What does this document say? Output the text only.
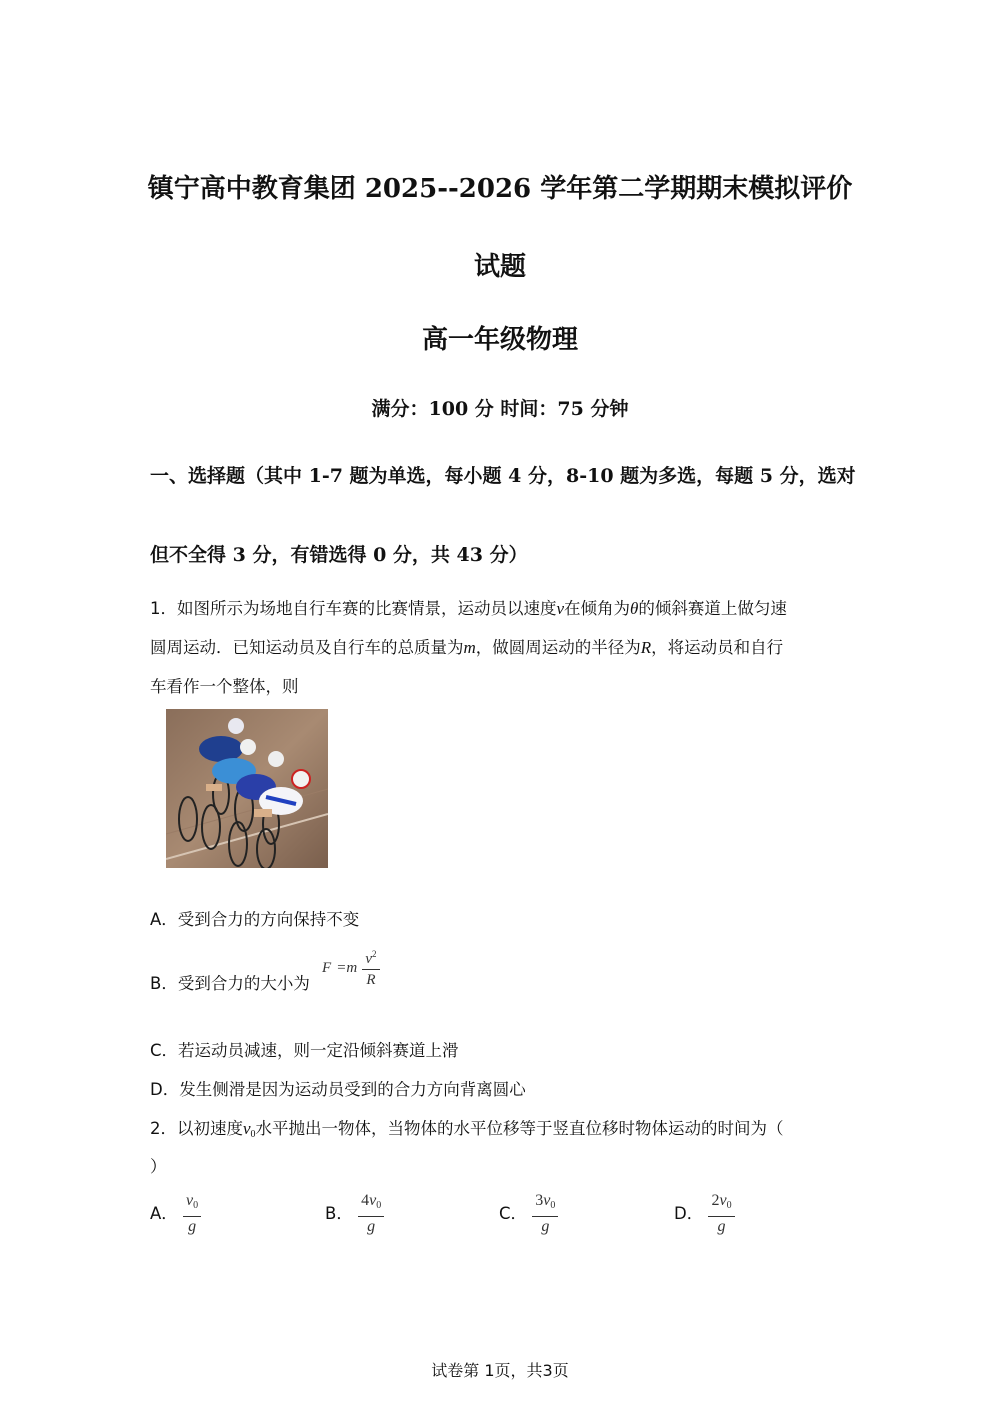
镇宁高中教育集团 2025--2026 学年第二学期期末模拟评价
试题
高一年级物理
满分：100 分 时间：75 分钟
一、选择题（其中 1-7 题为单选，每小题 4 分，8-10 题为多选，每题 5 分，选对
但不全得 3 分，有错选得 0 分，共 43 分）
1．如图所示为场地自行车赛的比赛情景，运动员以速度v在倾角为θ的倾斜赛道上做匀速
圆周运动．已知运动员及自行车的总质量为m，做圆周运动的半径为R，将运动员和自行
车看作一个整体，则
A．受到合力的方向保持不变
B．受到合力的大小为
$F =m \frac{v^2}{R}$
C．若运动员减速，则一定沿倾斜赛道上滑
D．发生侧滑是因为运动员受到的合力方向背离圆心
2．以初速度$v_0$水平抛出一物体，当物体的水平位移等于竖直位移时物体运动的时间为（
）
A． $\frac{v_0}{g}$	B． $\frac{4v_0}{g}$	C． $\frac{3v_0}{g}$	D． $\frac{2v_0}{g}$
试卷第 1页，共3页
